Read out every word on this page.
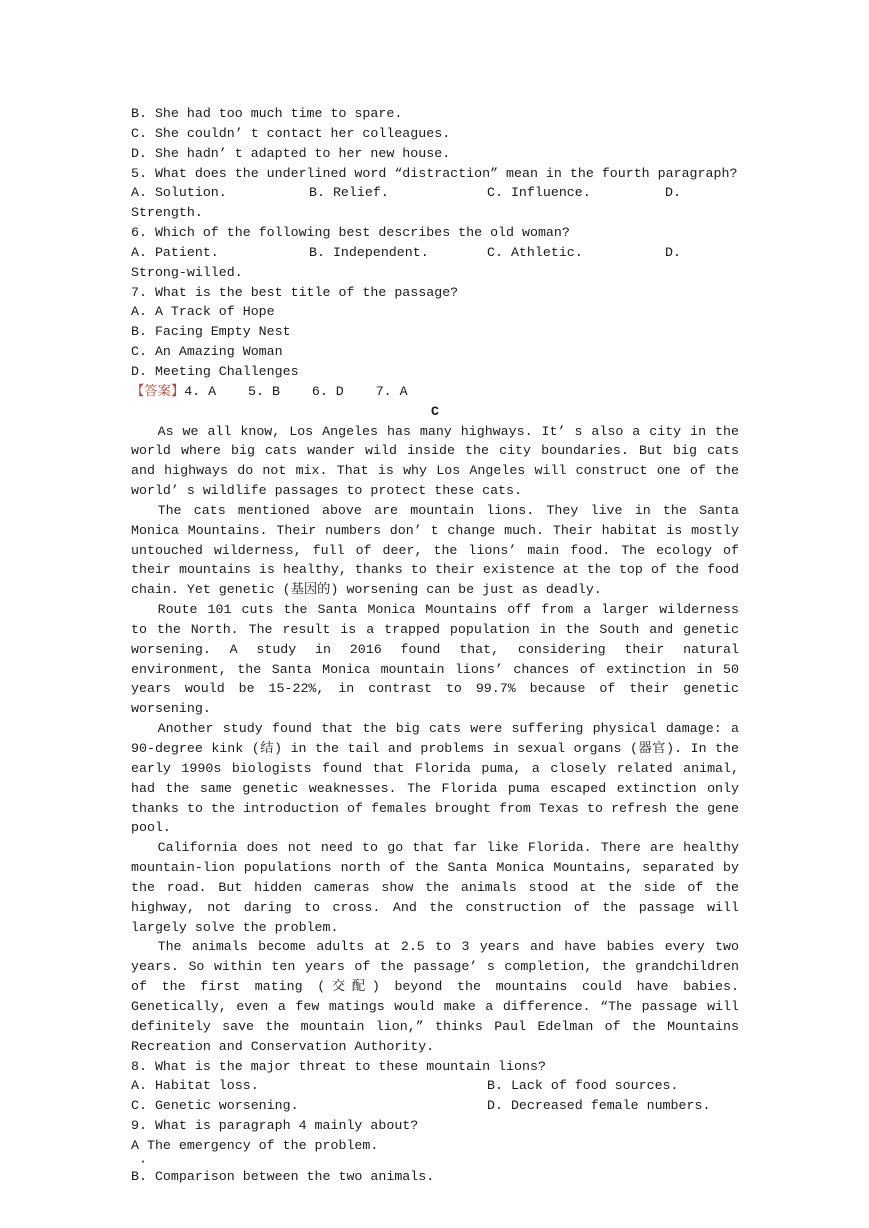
B. She had too much time to spare.
C. She couldn’ t contact her colleagues.
D. She hadn’ t adapted to her new house.
5. What does the underlined word “distraction” mean in the fourth paragraph?
A. Solution.	B. Relief.	C. Influence.	D.
Strength.
6. Which of the following best describes the old woman?
A. Patient.	B. Independent.	C. Athletic.	D.
Strong-willed.
7. What is the best title of the passage?
A. A Track of Hope
B. Facing Empty Nest
C. An Amazing Woman
D. Meeting Challenges
【答案】4. A    5. B    6. D    7. A
C
As we all know, Los Angeles has many highways. It’ s also a city in the world where big cats wander wild inside the city boundaries. But big cats and highways do not mix. That is why Los Angeles will construct one of the world’ s wildlife passages to protect these cats.
The cats mentioned above are mountain lions. They live in the Santa Monica Mountains. Their numbers don’ t change much. Their habitat is mostly untouched wilderness, full of deer, the lions’ main food. The ecology of their mountains is healthy, thanks to their existence at the top of the food chain. Yet genetic (基因的) worsening can be just as deadly.
Route 101 cuts the Santa Monica Mountains off from a larger wilderness to the North. The result is a trapped population in the South and genetic worsening. A study in 2016 found that, considering their natural environment, the Santa Monica mountain lions’ chances of extinction in 50 years would be 15-22%, in contrast to 99.7% because of their genetic worsening.
Another study found that the big cats were suffering physical damage: a 90-degree kink (结) in the tail and problems in sexual organs (器官). In the early 1990s biologists found that Florida puma, a closely related animal, had the same genetic weaknesses. The Florida puma escaped extinction only thanks to the introduction of females brought from Texas to refresh the gene pool.
California does not need to go that far like Florida. There are healthy mountain-lion populations north of the Santa Monica Mountains, separated by the road. But hidden cameras show the animals stood at the side of the highway, not daring to cross. And the construction of the passage will largely solve the problem.
The animals become adults at 2.5 to 3 years and have babies every two years. So within ten years of the passage’ s completion, the grandchildren of the first mating (交配) beyond the mountains could have babies. Genetically, even a few matings would make a difference. “The passage will definitely save the mountain lion,” thinks Paul Edelman of the Mountains Recreation and Conservation Authority.
8. What is the major threat to these mountain lions?
A. Habitat loss.	B. Lack of food sources.
C. Genetic worsening.	D. Decreased female numbers.
9. What is paragraph 4 mainly about?
A The emergency of the problem.
·
B. Comparison between the two animals.
